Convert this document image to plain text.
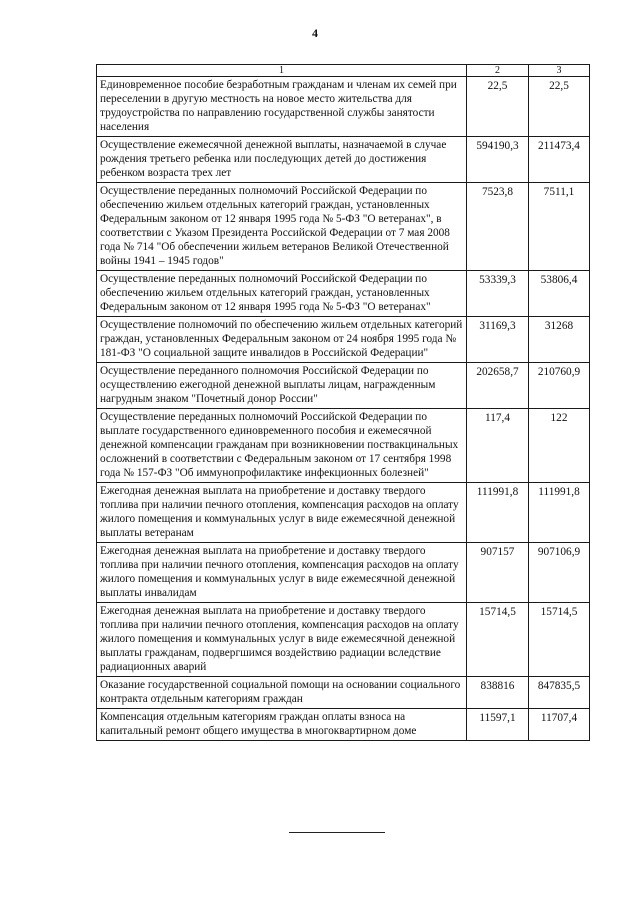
4
1	2	3
Единовременное пособие безработным гражданам и членам их семей при переселении в другую местность на новое место жительства для трудоустройства по направлению государственной службы занятости населения	22,5	22,5
Осуществление ежемесячной денежной выплаты, назначаемой в случае рождения третьего ребенка или последующих детей до достижения ребенком возраста трех лет	594190,3	211473,4
Осуществление переданных полномочий Российской Федерации по обеспечению жильем отдельных категорий граждан, установленных Федеральным законом от 12 января 1995 года № 5-ФЗ "О ветеранах", в соответствии с Указом Президента Российской Федерации от 7 мая 2008 года № 714 "Об обеспечении жильем ветеранов Великой Отечественной войны 1941 – 1945 годов"	7523,8	7511,1
Осуществление переданных полномочий Российской Федерации по обеспечению жильем отдельных категорий граждан, установленных Федеральным законом от 12 января 1995 года № 5-ФЗ "О ветеранах"	53339,3	53806,4
Осуществление полномочий по обеспечению жильем отдельных категорий граждан, установленных Федеральным законом от 24 ноября 1995 года № 181-ФЗ "О социальной защите инвалидов в Российской Федерации"	31169,3	31268
Осуществление переданного полномочия Российской Федерации по осуществлению ежегодной денежной выплаты лицам, награжденным нагрудным знаком "Почетный донор России"	202658,7	210760,9
Осуществление переданных полномочий Российской Федерации по выплате государственного единовременного пособия и ежемесячной денежной компенсации гражданам при возникновении поствакцинальных осложнений в соответствии с Федеральным законом от 17 сентября 1998 года № 157-ФЗ "Об иммунопрофилактике инфекционных болезней"	117,4	122
Ежегодная денежная выплата на приобретение и доставку твердого топлива при наличии печного отопления, компенсация расходов на оплату жилого помещения и коммунальных услуг в виде ежемесячной денежной выплаты ветеранам	111991,8	111991,8
Ежегодная денежная выплата на приобретение и доставку твердого топлива при наличии печного отопления, компенсация расходов на оплату жилого помещения и коммунальных услуг в виде ежемесячной денежной выплаты инвалидам	907157	907106,9
Ежегодная денежная выплата на приобретение и доставку твердого топлива при наличии печного отопления, компенсация расходов на оплату жилого помещения и коммунальных услуг в виде ежемесячной денежной выплаты гражданам, подвергшимся воздействию радиации вследствие радиационных аварий	15714,5	15714,5
Оказание государственной социальной помощи на основании социального контракта отдельным категориям граждан	838816	847835,5
Компенсация отдельным категориям граждан оплаты взноса на капитальный ремонт общего имущества в многоквартирном доме	11597,1	11707,4
